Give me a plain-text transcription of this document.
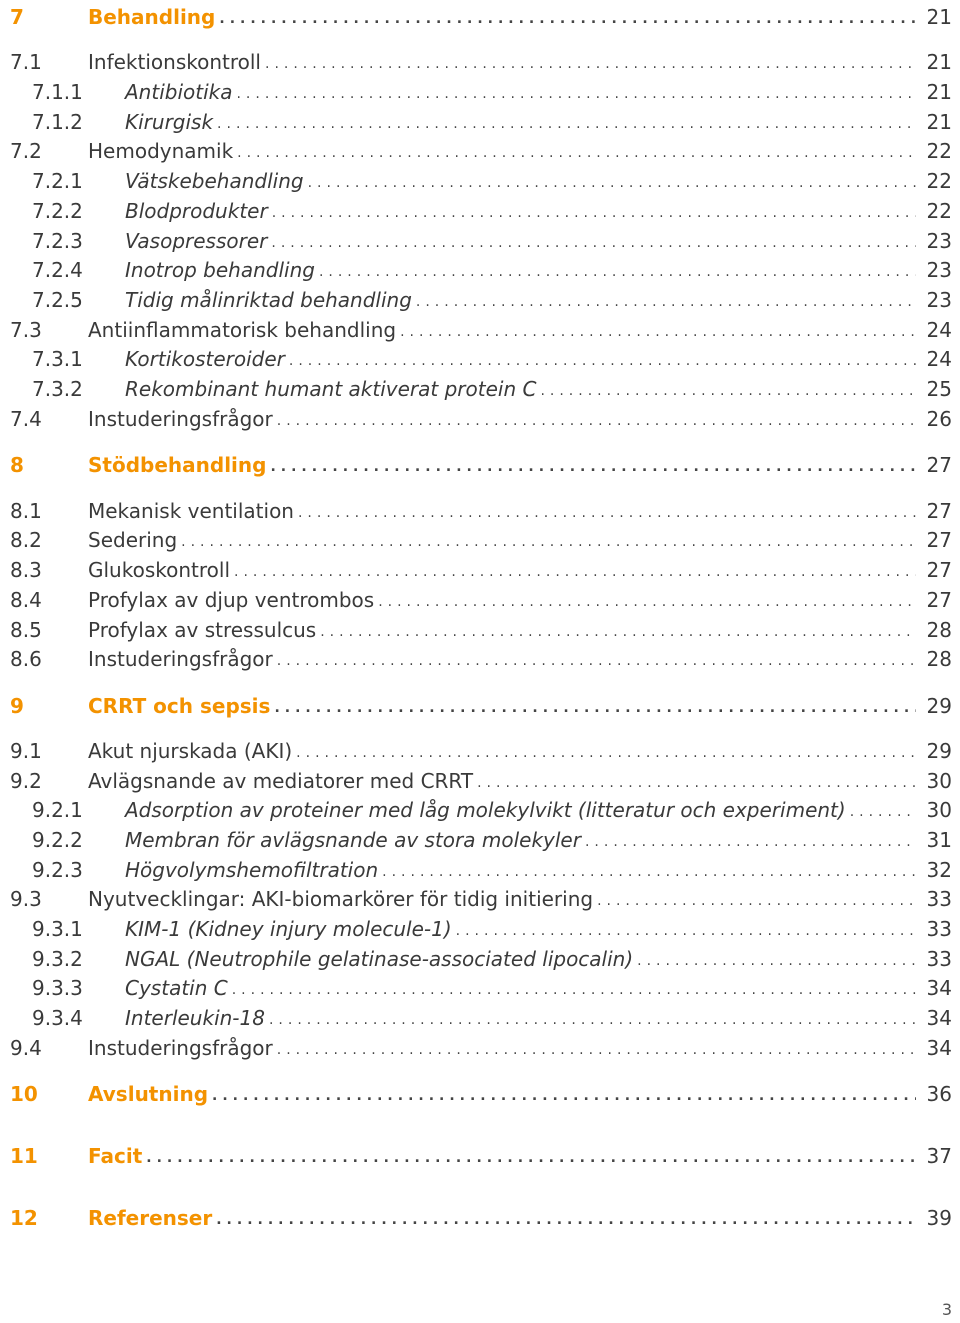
7	Behandling .....	21
7.1	Infektionskontroll .....	21
7.1.1	Antibiotika .....	21
7.1.2	Kirurgisk .....	21
7.2	Hemodynamik .....	22
7.2.1	Vätskebehandling .....	22
7.2.2	Blodprodukter .....	22
7.2.3	Vasopressorer .....	23
7.2.4	Inotrop behandling .....	23
7.2.5	Tidig målinriktad behandling .....	23
7.3	Antiinflammatorisk behandling .....	24
7.3.1	Kortikosteroider .....	24
7.3.2	Rekombinant humant aktiverat protein C .....	25
7.4	Instuderingsfrågor .....	26
8	Stödbehandling .....	27
8.1	Mekanisk ventilation .....	27
8.2	Sedering .....	27
8.3	Glukoskontroll .....	27
8.4	Profylax av djup ventrombos .....	27
8.5	Profylax av stressulcus .....	28
8.6	Instuderingsfrågor .....	28
9	CRRT och sepsis .....	29
9.1	Akut njurskada (AKI) .....	29
9.2	Avlägsnande av mediatorer med CRRT .....	30
9.2.1	Adsorption av proteiner med låg molekylvikt (litteratur och experiment) .....	30
9.2.2	Membran för avlägsnande av stora molekyler .....	31
9.2.3	Högvolymshemofiltration .....	32
9.3	Nyutvecklingar: AKI-biomarkörer för tidig initiering .....	33
9.3.1	KIM-1 (Kidney injury molecule-1) .....	33
9.3.2	NGAL (Neutrophile gelatinase-associated lipocalin) .....	33
9.3.3	Cystatin C .....	34
9.3.4	Interleukin-18 .....	34
9.4	Instuderingsfrågor .....	34
10	Avslutning .....	36
11	Facit .....	37
12	Referenser .....	39
3
